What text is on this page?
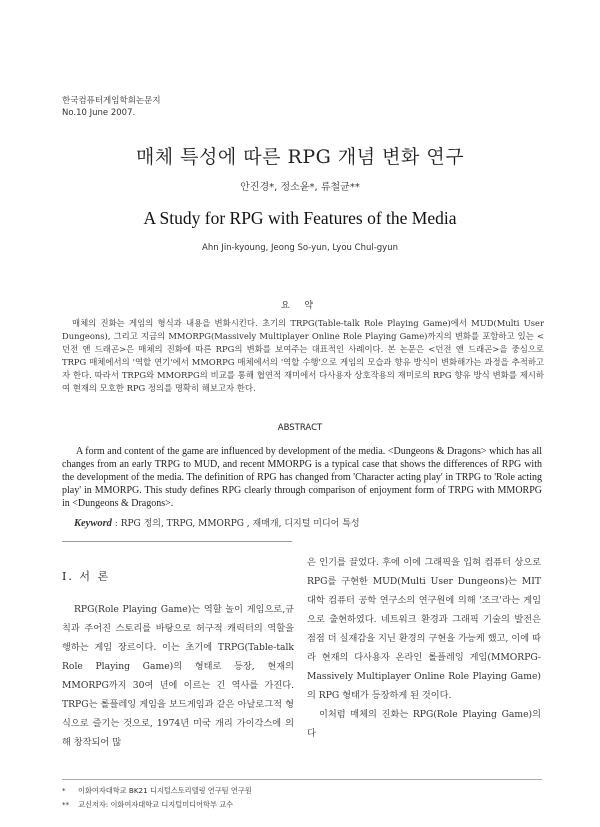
한국컴퓨터게임학회논문지
No.10 June 2007.
매체 특성에 따른 RPG 개념 변화 연구
안진경*, 정소윤*, 류철균**
A Study for RPG with Features of the Media
Ahn Jin-kyoung, Jeong So-yun, Lyou Chul-gyun
요 약

매체의 진화는 게임의 형식과 내용을 변화시킨다. 초기의 TRPG(Table-talk Role Playing Game)에서 MUD(Multi User Dungeons), 그리고 지금의 MMORPG(Massively Multiplayer Online Role Playing Game)까지의 변화를 포함하고 있는 <던전 앤 드래곤>은 매체의 진화에 따른 RPG의 변화를 보여주는 대표적인 사례이다. 본 논문은 <던전 앤 드래곤>을 중심으로 TRPG 매체에서의 '역할 연기'에서 MMORPG 매체에서의 '역할 수행'으로 게임의 모습과 향유 방식이 변화해가는 과정을 추적하고자 한다. 따라서 TRPG와 MMORPG의 비교를 통해 협연적 재미에서 다사용자 상호작용의 재미로의 RPG 향유 방식 변화를 제시하여 현재의 모호한 RPG 정의를 명확히 해보고자 한다.

ABSTRACT

A form and content of the game are influenced by development of the media. <Dungeons & Dragons> which has all changes from an early TRPG to MUD, and recent MMORPG is a typical case that shows the differences of RPG with the development of the media. The definition of RPG has changed from 'Character acting play' in TRPG to 'Role acting play' in MMORPG. This study defines RPG clearly through comparison of enjoyment form of TRPG with MMORPG in <Dungeons & Dragons>.

Keyword : RPG 정의, TRPG, MMORPG , 재매개, 디지털 미디어 특성
Ⅰ. 서 론

RPG(Role Playing Game)는 역할 놀이 게임으로,규칙과 주어진 스토리를 바탕으로 허구적 캐릭터의 역할을 행하는 게임 장르이다. 이는 초기에 TRPG(Table-talk Role Playing Game)의 형태로 등장, 현재의 MMORPG까지 30여 년에 이르는 긴 역사를 가진다. TRPG는 롤플레잉 게임을 보드게임과 같은 아날로그적 형식으로 즐기는 것으로, 1974년 미국 개리 가이각스에 의해 창작되어 많

은 인기를 끌었다. 후에 이에 그래픽을 입혀 컴퓨터 상으로 RPG를 구현한 MUD(Multi User Dungeons)는 MIT 대학 컴퓨터 공학 연구소의 연구원에 의해 '조크'라는 게임으로 출현하였다. 네트워크 환경과 그래픽 기술의 발전은 점점 더 실재감을 지닌 환경의 구현을 가능케 했고, 이에 따라 현재의 다사용자 온라인 롤플레잉 게임(MMORPG-Massively Multiplayer Online Role Playing Game)의 RPG 형태가 등장하게 된 것이다.

이처럼 매체의 진화는 RPG(Role Playing Game)의 다

* 이화여자대학교 BK21 디지털스토리텔링 연구팀 연구원
** 교신저자: 이화여자대학교 디지털미디어학부 교수
